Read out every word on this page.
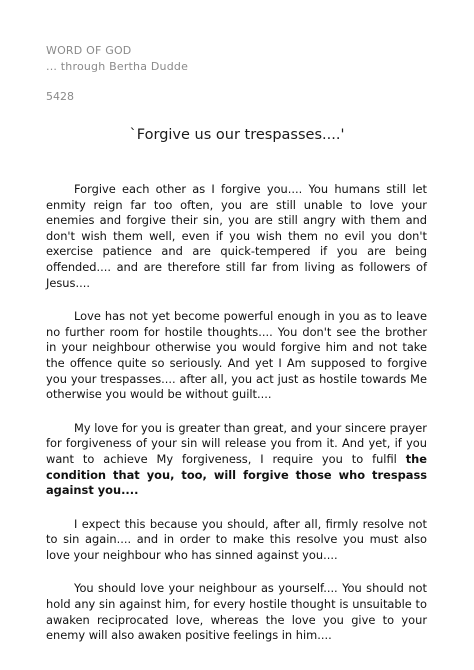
WORD OF GOD
... through Bertha Dudde
5428
`Forgive us our trespasses....'

Forgive each other as I forgive you.... You humans still let enmity reign far too often, you are still unable to love your enemies and forgive their sin, you are still angry with them and don't wish them well, even if you wish them no evil you don't exercise patience and are quick-tempered if you are being offended.... and are therefore still far from living as followers of Jesus....

Love has not yet become powerful enough in you as to leave no further room for hostile thoughts.... You don't see the brother in your neighbour otherwise you would forgive him and not take the offence quite so seriously. And yet I Am supposed to forgive you your trespasses.... after all, you act just as hostile towards Me otherwise you would be without guilt....

My love for you is greater than great, and your sincere prayer for forgiveness of your sin will release you from it. And yet, if you want to achieve My forgiveness, I require you to fulfil the condition that you, too, will forgive those who trespass against you....

I expect this because you should, after all, firmly resolve not to sin again.... and in order to make this resolve you must also love your neighbour who has sinned against you....

You should love your neighbour as yourself.... You should not hold any sin against him, for every hostile thought is unsuitable to awaken reciprocated love, whereas the love you give to your enemy will also awaken positive feelings in him....
